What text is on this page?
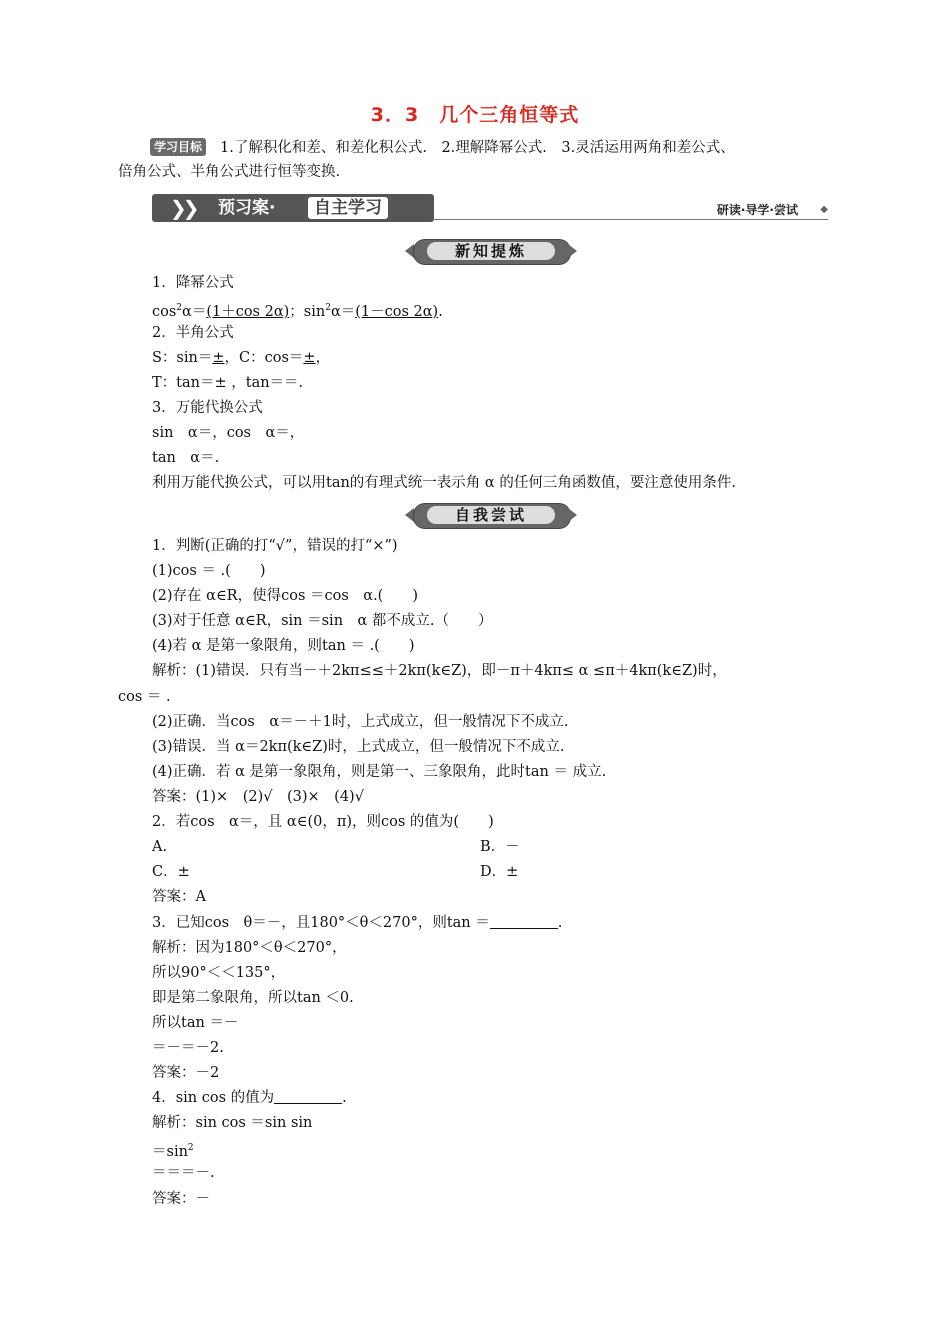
3．3　几个三角恒等式
学习目标 1.了解积化和差、和差化积公式.　2.理解降幂公式.　3.灵活运用两角和差公式、
倍角公式、半角公式进行恒等变换.
❯❯ 预习案·	自主学习	研读·导学·尝试 ◆
新知提炼
1．降幂公式
$\cos^2\alpha=(1+\cos$ 2α)；$\sin^2\alpha=(1-\cos$ 2α).
2．半角公式
S：sin＝±，C：cos＝±，
T：tan＝± ，tan＝＝.
3．万能代换公式
sin　α＝，cos　α＝，
tan　α＝.
利用万能代换公式，可以用tan的有理式统一表示角 α 的任何三角函数值，要注意使用条件.
自我尝试
1．判断(正确的打“√”，错误的打“×”)
(1)cos ＝ .(　　)
(2)存在 α∈R，使得cos ＝cos　α.(　　)
(3)对于任意 α∈R，sin ＝sin　α 都不成立.（　　）
(4)若 α 是第一象限角，则tan ＝ .(　　)
解析：(1)错误．只有当－＋2kπ≤≤＋2kπ(k∈Z)，即－π＋4kπ≤ α ≤π＋4kπ(k∈Z)时，
cos ＝ .
(2)正确．当cos　α＝－＋1时，上式成立，但一般情况下不成立.
(3)错误．当 α＝2kπ(k∈Z)时，上式成立，但一般情况下不成立.
(4)正确．若 α 是第一象限角，则是第一、三象限角，此时tan ＝ 成立.
答案：(1)×　(2)√　(3)×　(4)√
2．若cos　α＝，且 α∈(0，π)，则cos 的值为(　　)
A.	B．－
C．±	D．±
答案：A
3．已知cos　θ＝－，且180°＜θ＜270°，则tan ＝	.
解析：因为180°＜θ＜270°，
所以90°＜＜135°，
即是第二象限角，所以tan ＜0.
所以tan ＝－
＝－＝－2.
答案：－2
4．sin cos 的值为	.
解析：sin cos ＝sin sin
$=\sin^2$
＝＝＝－.
答案：－
